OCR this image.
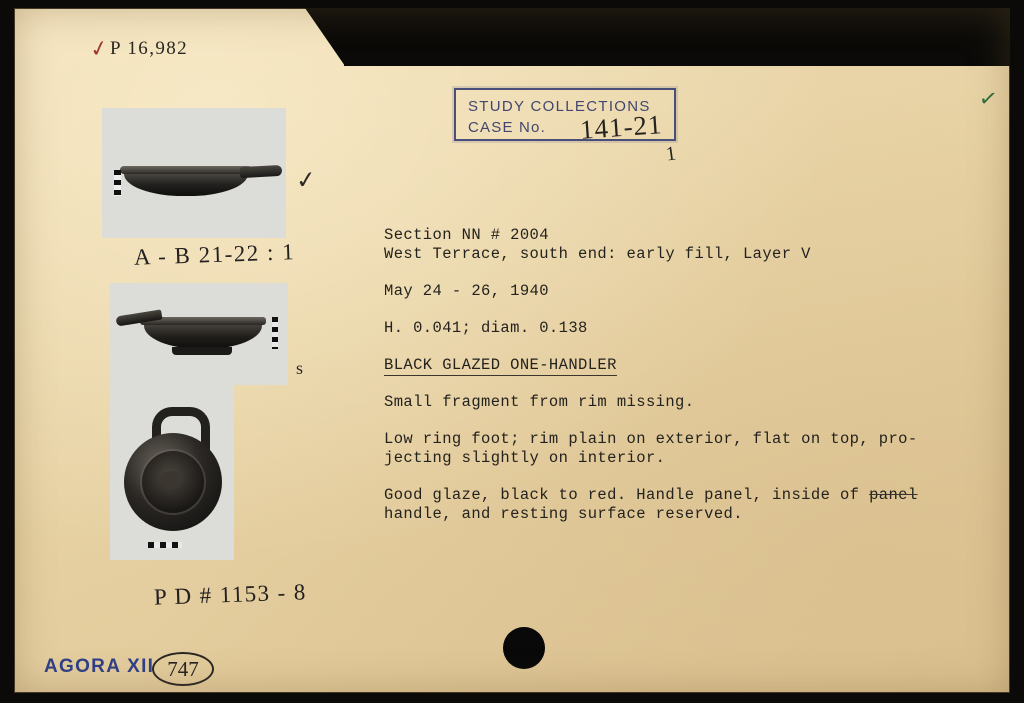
✓ P 16,982
STUDY COLLECTIONS
CASE No.	141-21
1
✓
✓
A - B 21-22 : 1
s
P D # 1153 - 8

Section NN # 2004
West Terrace, south end: early fill, Layer V

May 24 - 26, 1940

H. 0.041; diam. 0.138

BLACK GLAZED ONE-HANDLER

Small fragment from rim missing.

Low ring foot; rim plain on exterior, flat on top, pro-
jecting slightly on interior.

Good glaze, black to red. Handle panel, inside of panel
handle, and resting surface reserved.

AGORA XII 747
